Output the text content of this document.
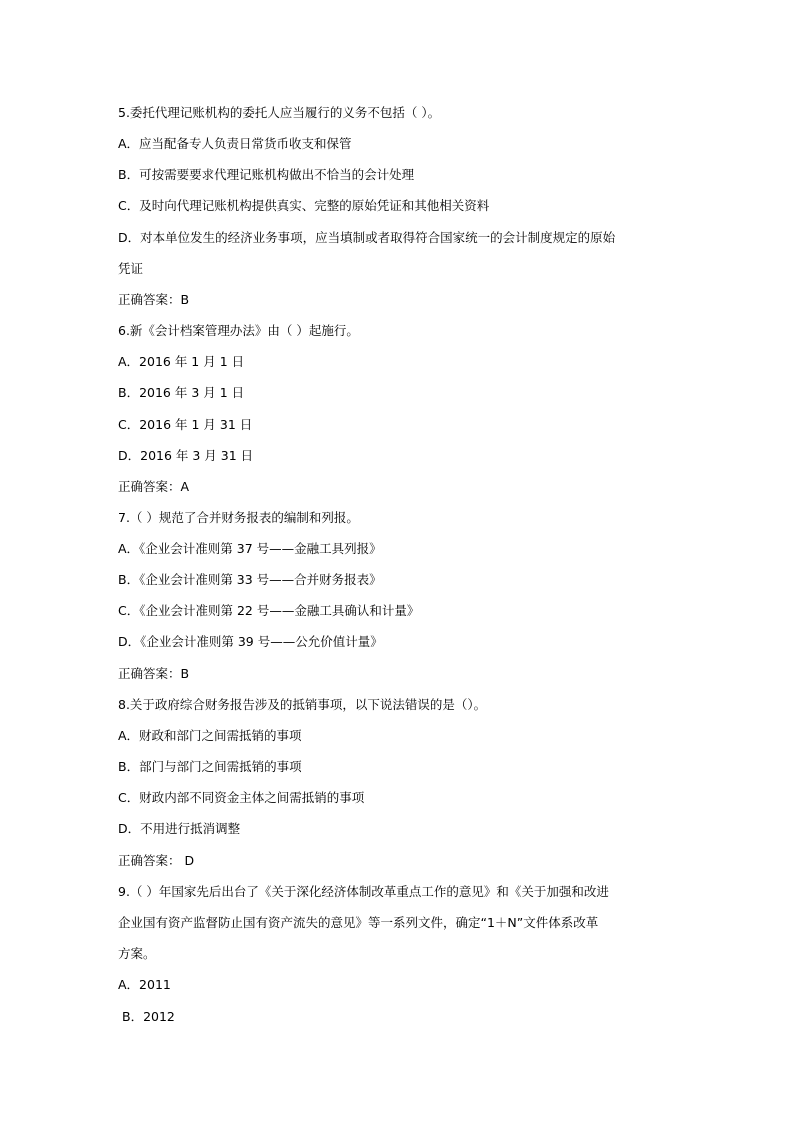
5.委托代理记账机构的委托人应当履行的义务不包括（ ）。
A．应当配备专人负责日常货币收支和保管
B．可按需要要求代理记账机构做出不恰当的会计处理
C．及时向代理记账机构提供真实、完整的原始凭证和其他相关资料
D．对本单位发生的经济业务事项，应当填制或者取得符合国家统一的会计制度规定的原始
凭证
正确答案：B
6.新《会计档案管理办法》由（ ）起施行。
A．2016 年 1 月 1 日
B．2016 年 3 月 1 日
C．2016 年 1 月 31 日
D．2016 年 3 月 31 日
正确答案：A
7.（ ）规范了合并财务报表的编制和列报。
A．《企业会计准则第 37 号——金融工具列报》
B．《企业会计准则第 33 号——合并财务报表》
C．《企业会计准则第 22 号——金融工具确认和计量》
D．《企业会计准则第 39 号——公允价值计量》
正确答案：B
8.关于政府综合财务报告涉及的抵销事项，以下说法错误的是（）。
A．财政和部门之间需抵销的事项
B．部门与部门之间需抵销的事项
C．财政内部不同资金主体之间需抵销的事项
D．不用进行抵消调整
正确答案： D
9.（ ）年国家先后出台了《关于深化经济体制改革重点工作的意见》和《关于加强和改进
企业国有资产监督防止国有资产流失的意见》等一系列文件，确定“1＋N”文件体系改革
方案。
A．2011
B．2012
